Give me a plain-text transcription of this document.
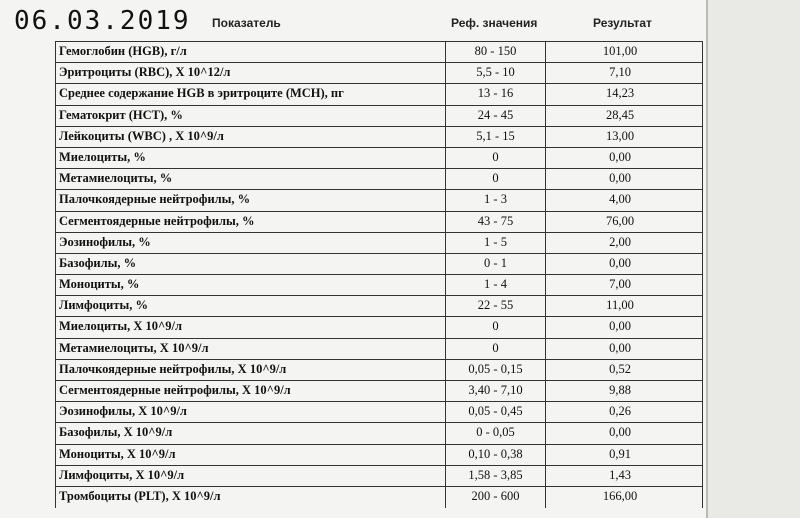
06.03.2019 Показатель	Реф. значения	Результат
Гемоглобин (HGB), г/л	80 - 150	101,00
Эритроциты (RBC), X 10^12/л	5,5 - 10	7,10
Среднее содержание HGB в эритроците (MCH), пг	13 - 16	14,23
Гематокрит (HCT), %	24 - 45	28,45
Лейкоциты (WBC) , X 10^9/л	5,1 - 15	13,00
Миелоциты, %	0	0,00
Метамиелоциты, %	0	0,00
Палочкоядерные нейтрофилы, %	1 - 3	4,00
Сегментоядерные нейтрофилы, %	43 - 75	76,00
Эозинофилы, %	1 - 5	2,00
Базофилы, %	0 - 1	0,00
Моноциты, %	1 - 4	7,00
Лимфоциты, %	22 - 55	11,00
Миелоциты, X 10^9/л	0	0,00
Метамиелоциты, X 10^9/л	0	0,00
Палочкоядерные нейтрофилы, X 10^9/л	0,05 - 0,15	0,52
Сегментоядерные нейтрофилы, X 10^9/л	3,40 - 7,10	9,88
Эозинофилы, X 10^9/л	0,05 - 0,45	0,26
Базофилы, X 10^9/л	0 - 0,05	0,00
Моноциты, X 10^9/л	0,10 - 0,38	0,91
Лимфоциты, X 10^9/л	1,58 - 3,85	1,43
Тромбоциты (PLT), X 10^9/л	200 - 600	166,00
